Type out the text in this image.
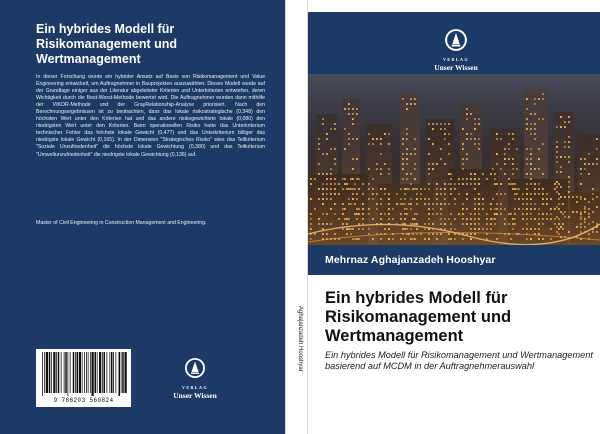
Ein hybrides Modell für Risikomanagement und Wertmanagement
In dieser Forschung wurde ein hybrider Ansatz auf Basis von Risikomanagement und Value Engineering entwickelt, um Auftragnehmer in Bauprojekten auszuwählen. Dieses Modell wurde auf der Grundlage einiger aus der Literatur abgeleiteter Kriterien und Unterkriterien entworfen, deren Wichtigkeit durch die Best-Worst-Methode bewertet wird. Die Auftragnehmer wurden dann mithilfe der VIKOR-Methode und der GrayRelationship-Analyse priorisiert. Nach den Berechnungsergebnissen ist zu beobachten, dass das lokale risikostrategische (0,348) den höchsten Wert unter den Kriterien hat und das andere risikogewichtete lokale (0,080) den niedrigsten Wert unter den Kriterien. Beim operationellen Risiko hatte das Unterkriterium technischer Fehler das höchste lokale Gewicht (0,477) und das Unterkriterium billiger das niedrigste lokale Gewicht (0,165). In der Dimension "Strategisches Risiko" wies das Teilkriterium "Soziale Unzufriedenheit" die höchste lokale Gewichtung (0,380) und das Teilkriterium "Umweltunzufriedenheit" die niedrigste lokale Gewichtung (0,136) auf.
Master of Civil Engineering in Construction Management and Engineering.
9 786203 560824
VERLAG
Unser Wissen
Aghajanzadeh Hooshyar
VERLAG
Unser Wissen
Mehrnaz Aghajanzadeh Hooshyar
Ein hybrides Modell für Risikomanagement und Wertmanagement
Ein hybrides Modell für Risikomanagement und Wertmanagement
basierend auf MCDM in der Auftragnehmerauswahl
